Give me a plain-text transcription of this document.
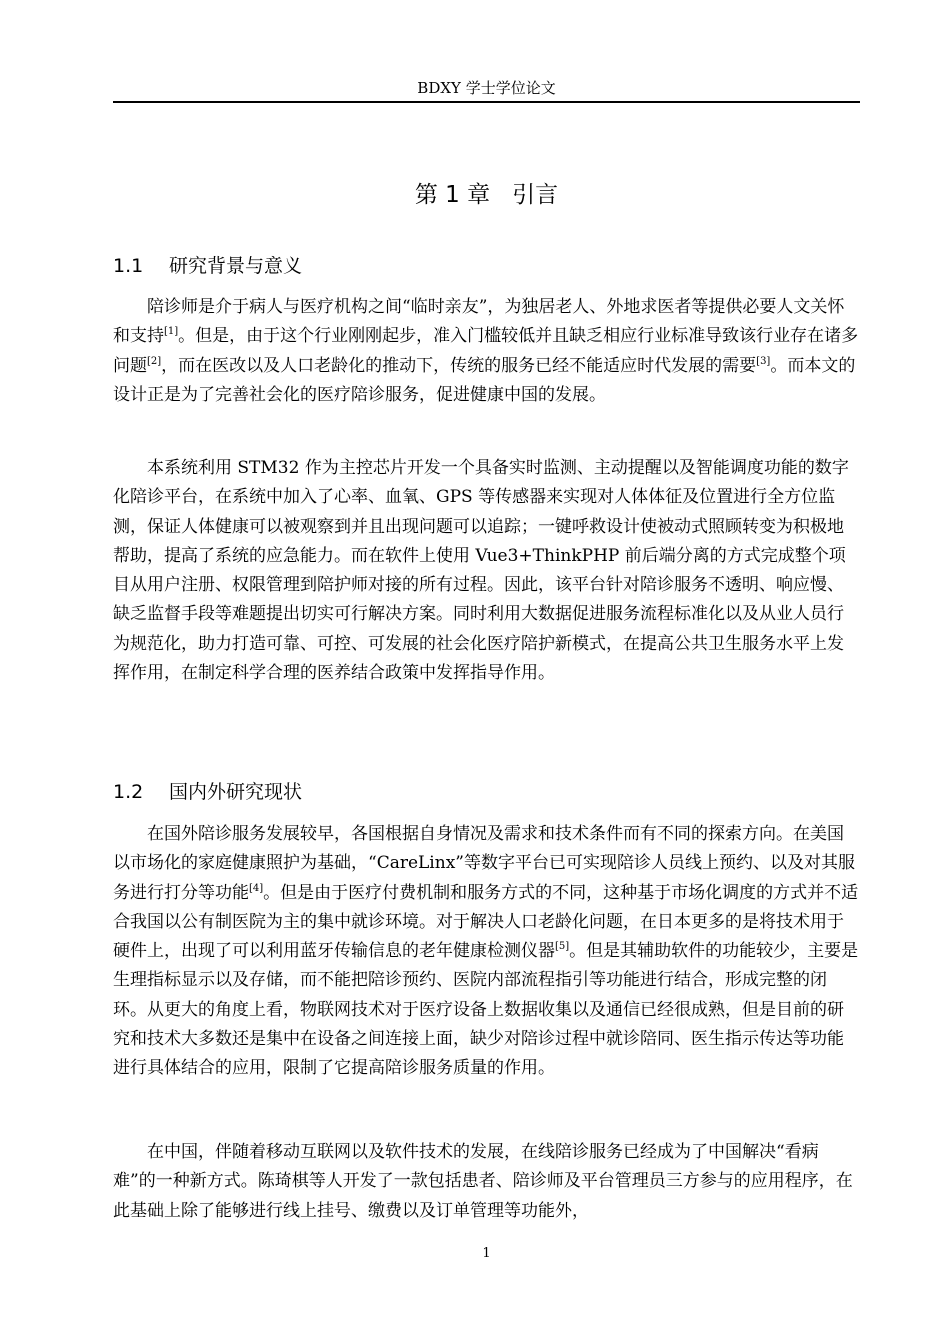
BDXY 学士学位论文
第 1 章 引言
1.1 研究背景与意义

陪诊师是介于病人与医疗机构之间“临时亲友”，为独居老人、外地求医者等提供必要人文关怀和支持[1]。但是，由于这个行业刚刚起步，准入门槛较低并且缺乏相应行业标准导致该行业存在诸多问题[2]，而在医改以及人口老龄化的推动下，传统的服务已经不能适应时代发展的需要[3]。而本文的设计正是为了完善社会化的医疗陪诊服务，促进健康中国的发展。

本系统利用 STM32 作为主控芯片开发一个具备实时监测、主动提醒以及智能调度功能的数字化陪诊平台，在系统中加入了心率、血氧、GPS 等传感器来实现对人体体征及位置进行全方位监测，保证人体健康可以被观察到并且出现问题可以追踪；一键呼救设计使被动式照顾转变为积极地帮助，提高了系统的应急能力。而在软件上使用 Vue3+ThinkPHP 前后端分离的方式完成整个项目从用户注册、权限管理到陪护师对接的所有过程。因此，该平台针对陪诊服务不透明、响应慢、缺乏监督手段等难题提出切实可行解决方案。同时利用大数据促进服务流程标准化以及从业人员行为规范化，助力打造可靠、可控、可发展的社会化医疗陪护新模式，在提高公共卫生服务水平上发挥作用，在制定科学合理的医养结合政策中发挥指导作用。

1.2 国内外研究现状

在国外陪诊服务发展较早，各国根据自身情况及需求和技术条件而有不同的探索方向。在美国以市场化的家庭健康照护为基础，“CareLinx”等数字平台已可实现陪诊人员线上预约、以及对其服务进行打分等功能[4]。但是由于医疗付费机制和服务方式的不同，这种基于市场化调度的方式并不适合我国以公有制医院为主的集中就诊环境。对于解决人口老龄化问题，在日本更多的是将技术用于硬件上，出现了可以利用蓝牙传输信息的老年健康检测仪器[5]。但是其辅助软件的功能较少，主要是生理指标显示以及存储，而不能把陪诊预约、医院内部流程指引等功能进行结合，形成完整的闭环。从更大的角度上看，物联网技术对于医疗设备上数据收集以及通信已经很成熟，但是目前的研究和技术大多数还是集中在设备之间连接上面，缺少对陪诊过程中就诊陪同、医生指示传达等功能进行具体结合的应用，限制了它提高陪诊服务质量的作用。

在中国，伴随着移动互联网以及软件技术的发展，在线陪诊服务已经成为了中国解决“看病难”的一种新方式。陈琦棋等人开发了一款包括患者、陪诊师及平台管理员三方参与的应用程序，在此基础上除了能够进行线上挂号、缴费以及订单管理等功能外，

1
